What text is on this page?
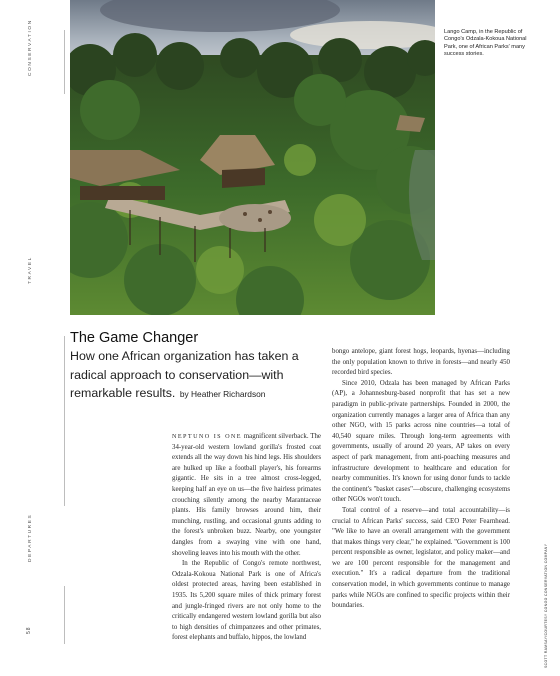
CONSERVATION
TRAVEL
DEPARTURES
58
Lango Camp, in the Republic of Congo's Odzala-Kokoua National Park, one of African Parks' many success stories.
SCOTT RAMSAY/COURTESY CONGO CONSERVATION COMPANY
The Game Changer
How one African organization has taken a radical approach to conservation—with remarkable results. by Heather Richardson

NEPTUNO IS ONE magnificent silverback. The 34-year-old western lowland gorilla's frosted coat extends all the way down his hind legs. His shoulders are hulked up like a football player's, his forearms gigantic. He sits in a tree almost cross-legged, keeping half an eye on us—the five hairless primates crouching silently among the nearby Marantaceae plants. His family browses around him, their munching, rustling, and occasional grunts adding to the forest's unbroken buzz. Nearby, one youngster dangles from a swaying vine with one hand, shoveling leaves into his mouth with the other.

In the Republic of Congo's remote northwest, Odzala-Kokoua National Park is one of Africa's oldest protected areas, having been established in 1935. Its 5,200 square miles of thick primary forest and jungle-fringed rivers are not only home to the critically endangered western lowland gorilla but also to high densities of chimpanzees and other primates, forest elephants and buffalo, hippos, the lowland

bongo antelope, giant forest hogs, leopards, hyenas—including the only population known to thrive in forests—and nearly 450 recorded bird species.

Since 2010, Odzala has been managed by African Parks (AP), a Johannesburg-based nonprofit that has set a new paradigm in public-private partnerships. Founded in 2000, the organization currently manages a larger area of Africa than any other NGO, with 15 parks across nine countries—a total of 40,540 square miles. Through long-term agreements with governments, usually of around 20 years, AP takes on every aspect of park management, from anti-poaching measures and infrastructure development to healthcare and education for nearby communities. It's known for using donor funds to tackle the continent's "basket cases"—obscure, challenging ecosystems other NGOs won't touch.

Total control of a reserve—and total accountability—is crucial to African Parks' success, said CEO Peter Fearnhead. "We like to have an overall arrangement with the government that makes things very clear," he explained. "Government is 100 percent responsible as owner, legislator, and policy maker—and we are 100 percent responsible for the management and execution." It's a radical departure from the traditional conservation model, in which governments continue to manage parks while NGOs are confined to specific projects within their boundaries.
